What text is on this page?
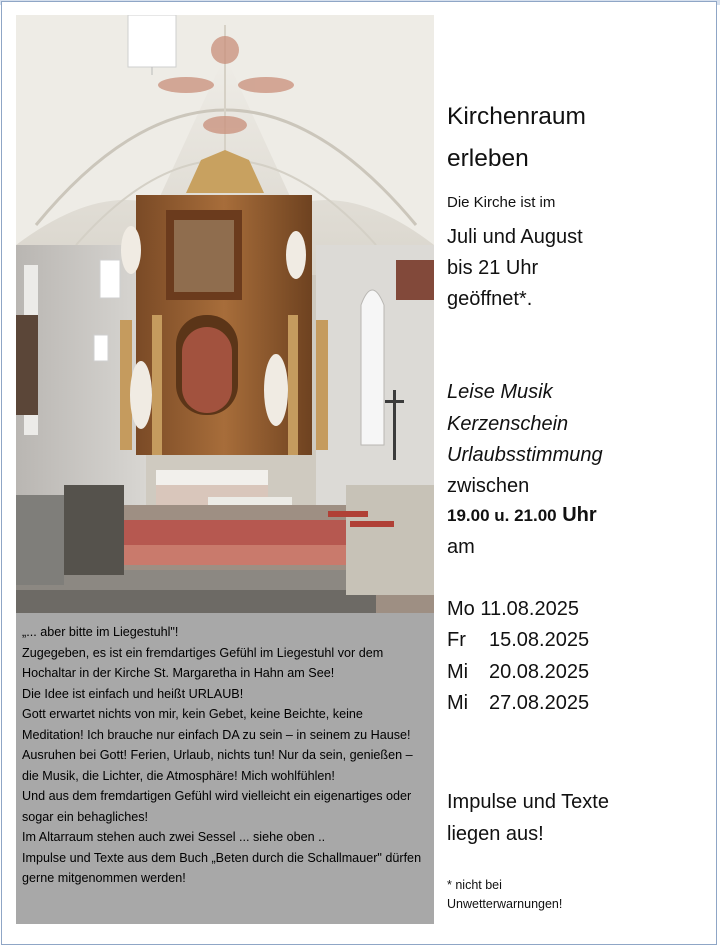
„... aber bitte im Liegestuhl"!

Zugegeben, es ist ein fremdartiges Gefühl im Liegestuhl vor dem Hochaltar in der Kirche St. Margaretha in Hahn am See!

Die Idee ist einfach und heißt URLAUB!

Gott erwartet nichts von mir, kein Gebet, keine Beichte, keine Meditation! Ich brauche nur einfach DA zu sein – in seinem zu Hause! Ausruhen bei Gott! Ferien, Urlaub, nichts tun! Nur da sein, genießen – die Musik, die Lichter, die Atmosphäre! Mich wohlfühlen!

Und aus dem fremdartigen Gefühl wird vielleicht ein eigenartiges oder sogar ein behagliches!

Im Altarraum stehen auch zwei Sessel ... siehe oben ..

Impulse und Texte aus dem Buch „Beten durch die Schallmauer" dürfen gerne mitgenommen werden!

Kirchenraum
erleben
Die Kirche ist im
Juli und August
bis 21 Uhr
geöffnet*.
Leise Musik
Kerzenschein
Urlaubsstimmung
zwischen
19.00 u. 21.00 Uhr
am
Mo 11.08.2025
Fr 15.08.2025
Mi 20.08.2025
Mi 27.08.2025
Impulse und Texte
liegen aus!
* nicht bei
Unwetterwarnungen!
